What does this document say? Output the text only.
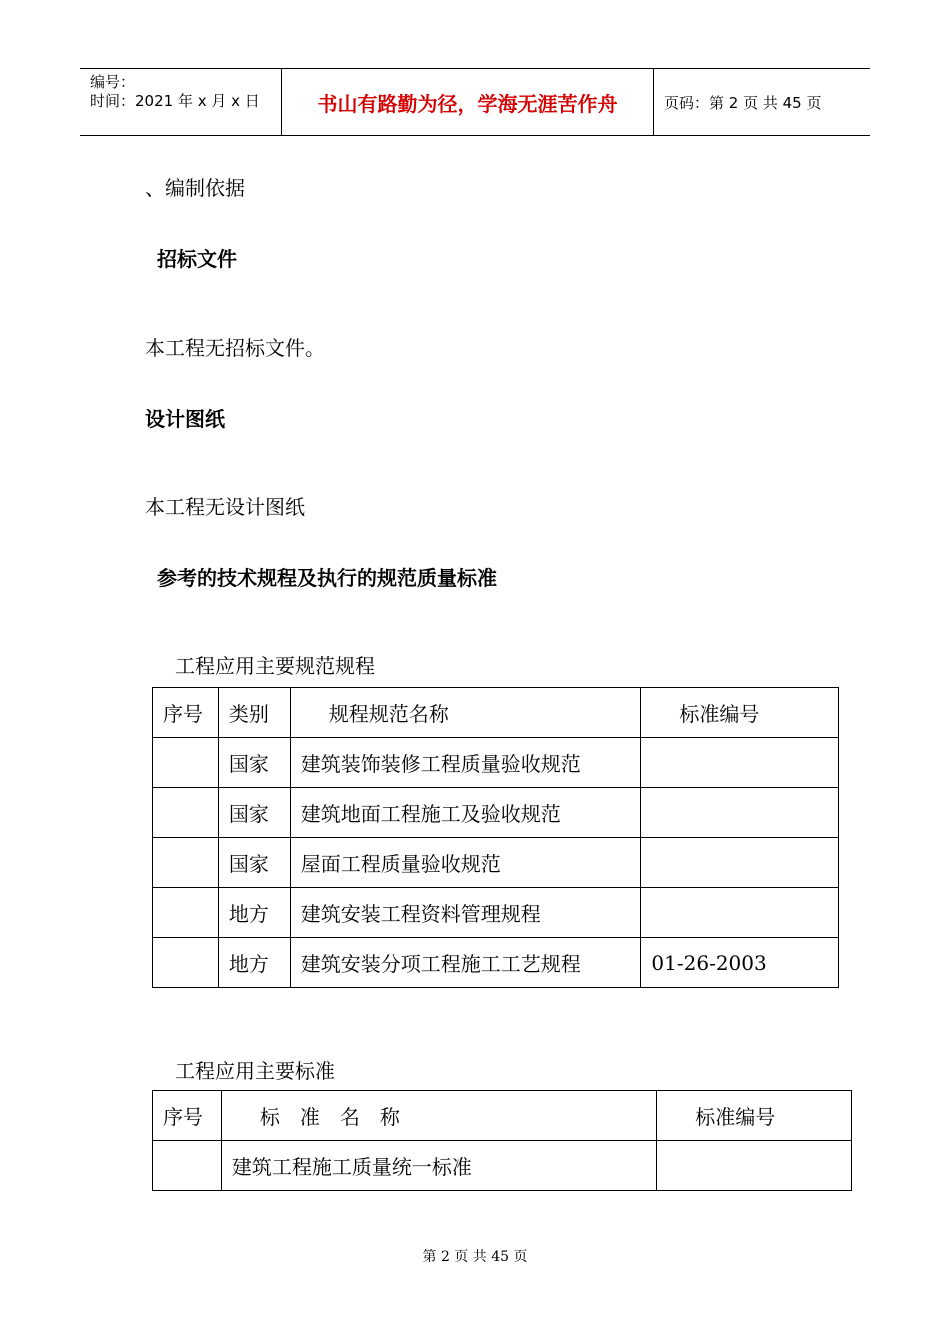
编号：
时间：2021 年 x 月 x 日	书山有路勤为径，学海无涯苦作舟	页码：第 2 页 共 45 页
、编制依据
招标文件
本工程无招标文件。
设计图纸
本工程无设计图纸
参考的技术规程及执行的规范质量标准
工程应用主要规范规程
序号	类别	规程规范名称	标准编号
	国家	建筑装饰装修工程质量验收规范	
	国家	建筑地面工程施工及验收规范	
	国家	屋面工程质量验收规范	
	地方	建筑安装工程资料管理规程	
	地方	建筑安装分项工程施工工艺规程	01-26-2003
工程应用主要标准
序号	标　准　名　称	标准编号
	建筑工程施工质量统一标准	
第 2 页 共 45 页
